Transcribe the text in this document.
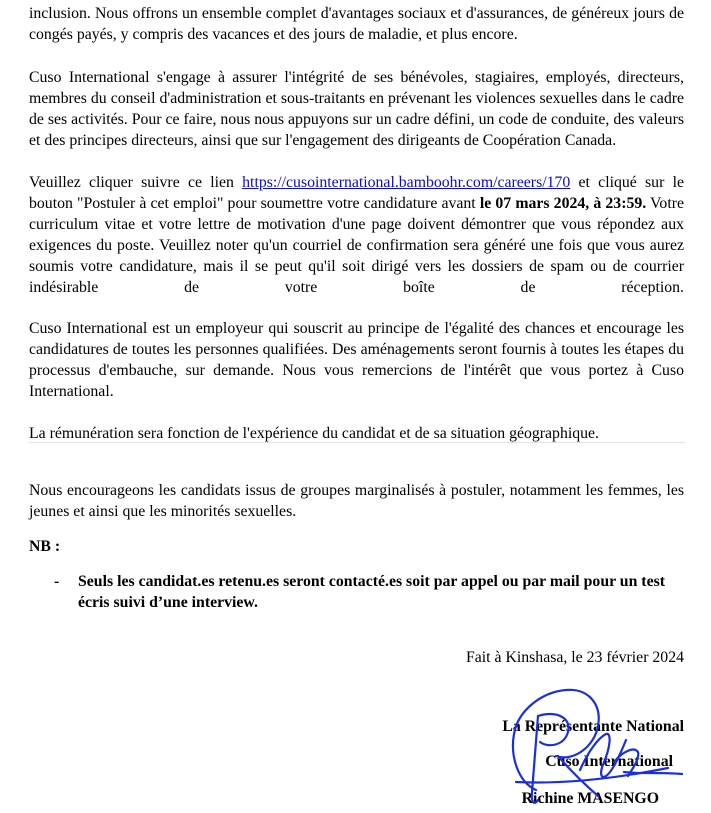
inclusion. Nous offrons un ensemble complet d'avantages sociaux et d'assurances, de généreux jours de congés payés, y compris des vacances et des jours de maladie, et plus encore.

Cuso International s'engage à assurer l'intégrité de ses bénévoles, stagiaires, employés, directeurs, membres du conseil d'administration et sous-traitants en prévenant les violences sexuelles dans le cadre de ses activités. Pour ce faire, nous nous appuyons sur un cadre défini, un code de conduite, des valeurs et des principes directeurs, ainsi que sur l'engagement des dirigeants de Coopération Canada.

Veuillez cliquer suivre ce lien https://cusointernational.bamboohr.com/careers/170 et cliqué sur le bouton "Postuler à cet emploi" pour soumettre votre candidature avant le 07 mars 2024, à 23:59. Votre curriculum vitae et votre lettre de motivation d'une page doivent démontrer que vous répondez aux exigences du poste. Veuillez noter qu'un courriel de confirmation sera généré une fois que vous aurez soumis votre candidature, mais il se peut qu'il soit dirigé vers les dossiers de spam ou de courrier indésirable de votre boîte de réception.

Cuso International est un employeur qui souscrit au principe de l'égalité des chances et encourage les candidatures de toutes les personnes qualifiées. Des aménagements seront fournis à toutes les étapes du processus d'embauche, sur demande. Nous vous remercions de l'intérêt que vous portez à Cuso International.

La rémunération sera fonction de l'expérience du candidat et de sa situation géographique.

Nous encourageons les candidats issus de groupes marginalisés à postuler, notamment les femmes, les jeunes et ainsi que les minorités sexuelles.

NB :
- Seuls les candidat.es retenu.es seront contacté.es soit par appel ou par mail pour un test écris suivi d’une interview.

Fait à Kinshasa, le 23 février 2024
La Représentante National
Cuso International
Richine MASENGO
